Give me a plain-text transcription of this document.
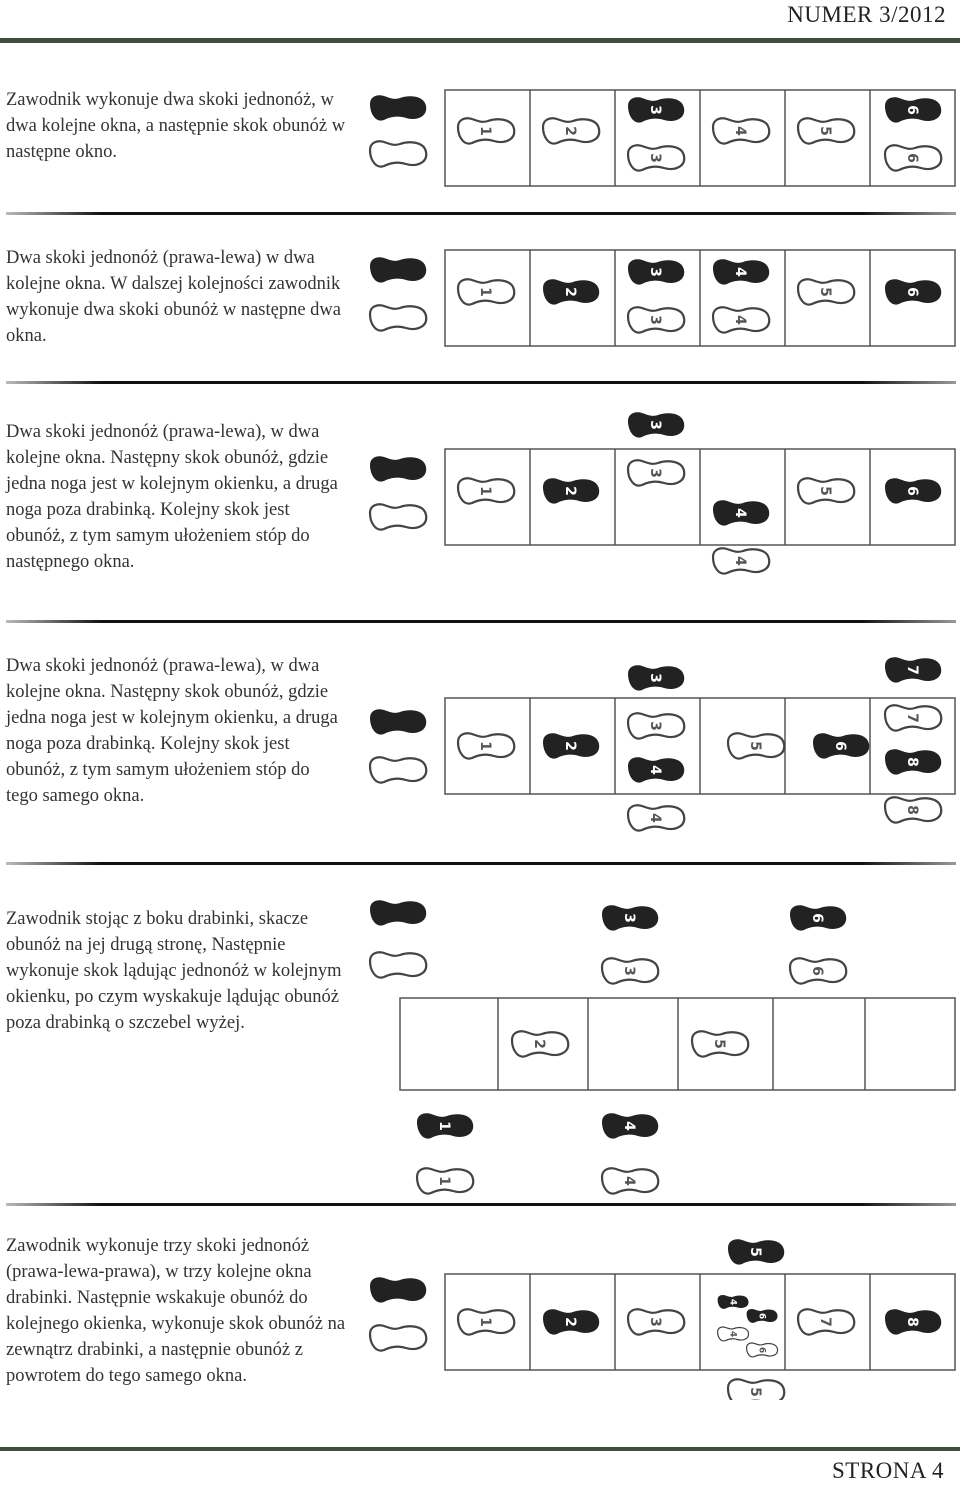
NUMER 3/2012
Zawodnik wykonuje dwa skoki jednonóż, w dwa kolejne okna, a następnie skok obunóż w następne okno.
Dwa skoki jednonóż (prawa-lewa) w dwa kolejne okna. W dalszej kolejności zawodnik wykonuje dwa skoki obunóż w następne dwa okna.
Dwa skoki jednonóż (prawa-lewa), w dwa kolejne okna. Następny skok obunóż, gdzie jedna noga jest w kolejnym okienku, a druga noga poza drabinką. Kolejny skok jest obunóż, z tym samym ułożeniem stóp do następnego okna.
Dwa skoki jednonóż (prawa-lewa), w dwa kolejne okna. Następny skok obunóż, gdzie jedna noga jest w kolejnym okienku, a druga noga poza drabinką. Kolejny skok jest obunóż, z tym samym ułożeniem stóp do tego samego okna.
Zawodnik stojąc z boku drabinki, skacze obunóż na jej drugą stronę, Następnie wykonuje skok lądując jednonóż w kolejnym okienku, po czym wyskakuje lądując obunóż poza drabinką o szczebel wyżej.
Zawodnik wykonuje trzy skoki jednonóż (prawa-lewa-prawa), w trzy kolejne okna drabinki. Następnie wskakuje obunóż do kolejnego okienka, wykonuje skok obunóż na zewnątrz drabinki, a następnie obunóż z powrotem do tego samego okna.
1	2
3
3
4	5
6
6
1	2
3
3
4
4
5	6
1	2
3
3
4
4
5	6
1	2
3
3
4
4
5	6
7
7
8
8
1
1
2
3
3
4
4
5
6
6
1	2	3
4
4
5
5
6
6
7	8
STRONA 4
